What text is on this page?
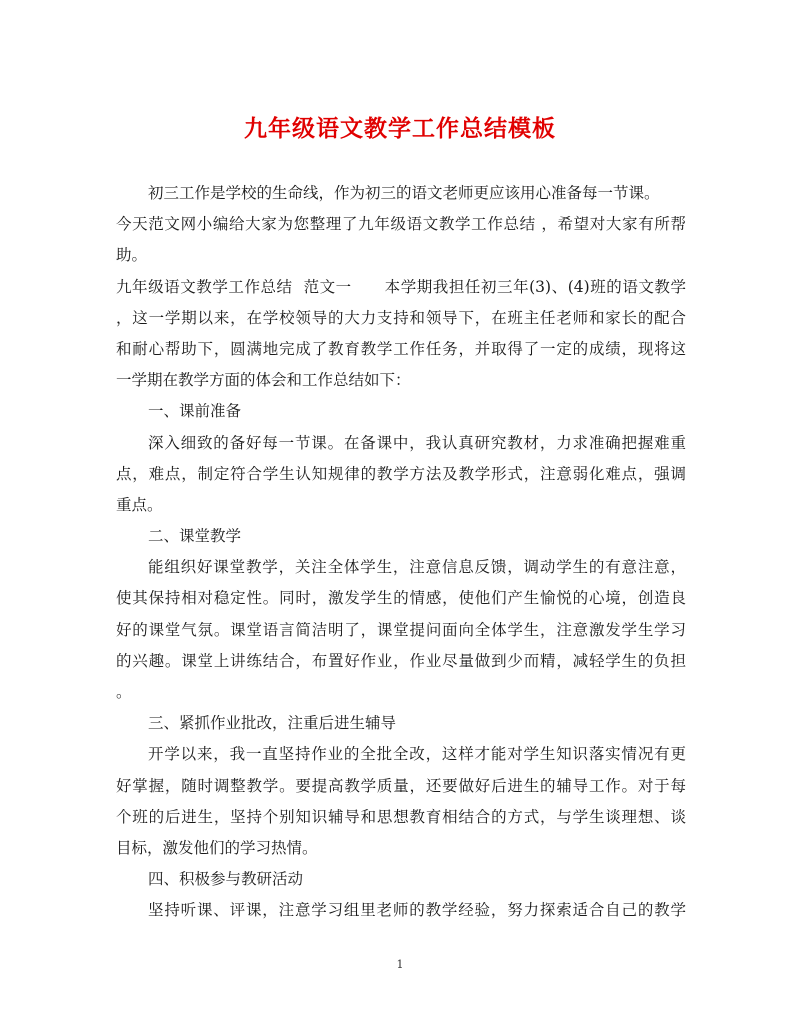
九年级语文教学工作总结模板
初三工作是学校的生命线，作为初三的语文老师更应该用心准备每一节课。
今天范文网小编给大家为您整理了九年级语文教学工作总结 ，希望对大家有所帮
助。
九年级语文教学工作总结  范文一      本学期我担任初三年(3)、(4)班的语文教学
，这一学期以来，在学校领导的大力支持和领导下，在班主任老师和家长的配合
和耐心帮助下，圆满地完成了教育教学工作任务，并取得了一定的成绩，现将这
一学期在教学方面的体会和工作总结如下：
一、课前准备
深入细致的备好每一节课。在备课中，我认真研究教材，力求准确把握难重
点，难点，制定符合学生认知规律的教学方法及教学形式，注意弱化难点，强调
重点。
二、课堂教学
能组织好课堂教学，关注全体学生，注意信息反馈，调动学生的有意注意，
使其保持相对稳定性。同时，激发学生的情感，使他们产生愉悦的心境，创造良
好的课堂气氛。课堂语言简洁明了，课堂提问面向全体学生，注意激发学生学习
的兴趣。课堂上讲练结合，布置好作业，作业尽量做到少而精，减轻学生的负担
。
三、紧抓作业批改，注重后进生辅导
开学以来，我一直坚持作业的全批全改，这样才能对学生知识落实情况有更
好掌握，随时调整教学。要提高教学质量，还要做好后进生的辅导工作。对于每
个班的后进生，坚持个别知识辅导和思想教育相结合的方式，与学生谈理想、谈
目标，激发他们的学习热情。
四、积极参与教研活动
坚持听课、评课，注意学习组里老师的教学经验，努力探索适合自己的教学
1
